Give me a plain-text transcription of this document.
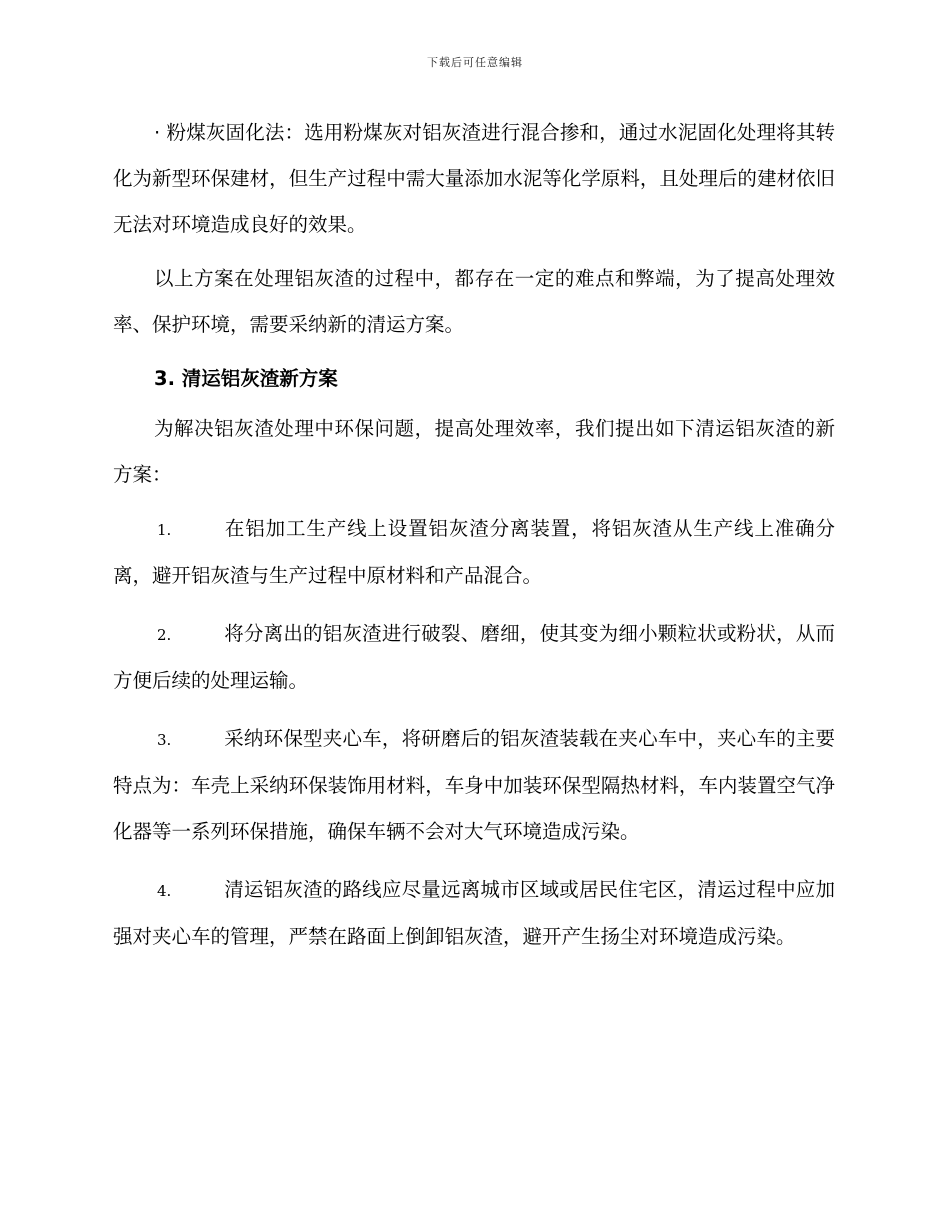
下载后可任意编辑

· 粉煤灰固化法：选用粉煤灰对铝灰渣进行混合掺和，通过水泥固化处理将其转化为新型环保建材，但生产过程中需大量添加水泥等化学原料，且处理后的建材依旧无法对环境造成良好的效果。

以上方案在处理铝灰渣的过程中，都存在一定的难点和弊端，为了提高处理效率、保护环境，需要采纳新的清运方案。

3. 清运铝灰渣新方案

为解决铝灰渣处理中环保问题，提高处理效率，我们提出如下清运铝灰渣的新方案：

1.	在铝加工生产线上设置铝灰渣分离装置，将铝灰渣从生产线上准确分离，避开铝灰渣与生产过程中原材料和产品混合。
2.	将分离出的铝灰渣进行破裂、磨细，使其变为细小颗粒状或粉状，从而方便后续的处理运输。
3.	采纳环保型夹心车，将研磨后的铝灰渣装载在夹心车中，夹心车的主要特点为：车壳上采纳环保装饰用材料，车身中加装环保型隔热材料，车内装置空气净化器等一系列环保措施，确保车辆不会对大气环境造成污染。
4.	清运铝灰渣的路线应尽量远离城市区域或居民住宅区，清运过程中应加强对夹心车的管理，严禁在路面上倒卸铝灰渣，避开产生扬尘对环境造成污染。
